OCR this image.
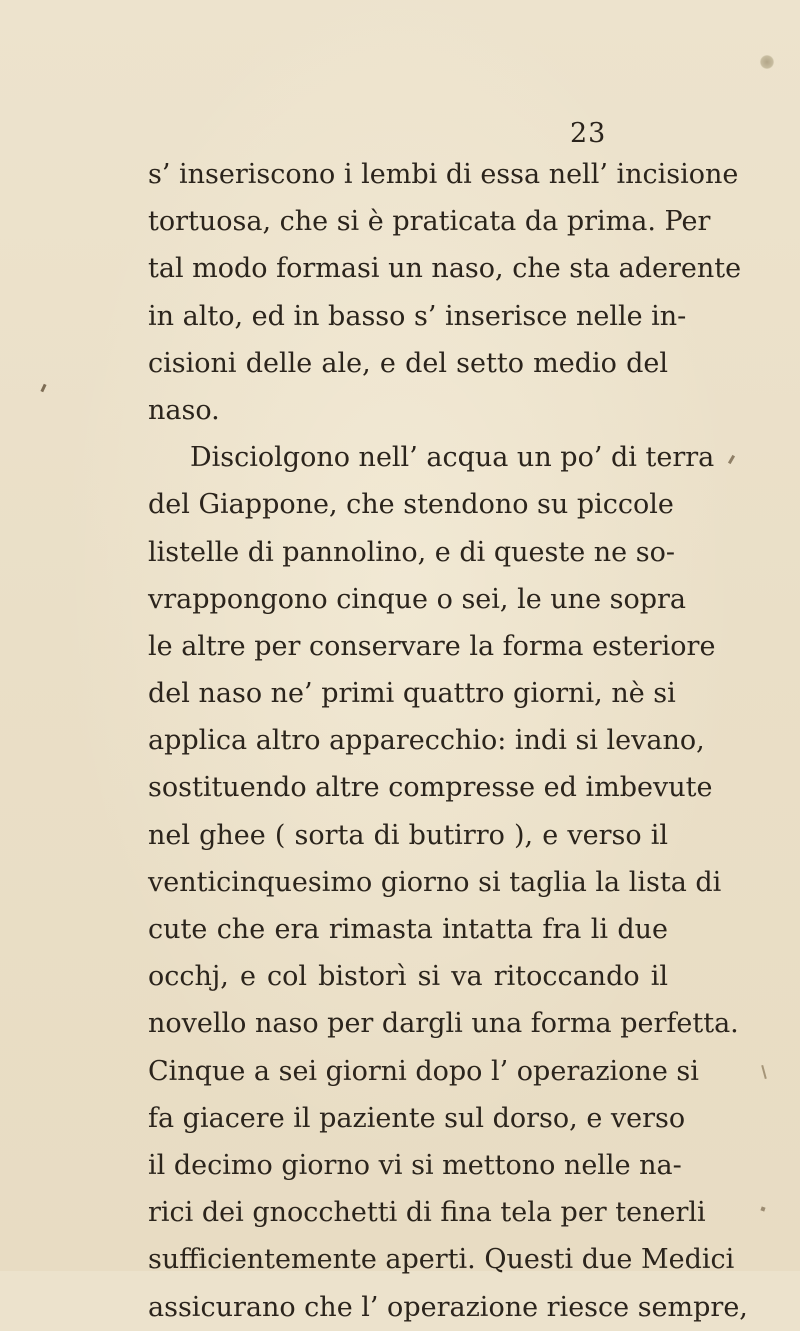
23
s’ inseriscono i lembi di essa nell’ incisione
tortuosa, che si è praticata da prima. Per
tal modo formasi un naso, che sta aderente
in alto, ed in basso s’ inserisce nelle in-
cisioni delle ale, e del setto medio del
naso.
Disciolgono nell’ acqua un po’ di terra
del Giappone, che stendono su piccole
listelle di pannolino, e di queste ne so-
vrappongono cinque o sei, le une sopra
le altre per conservare la forma esteriore
del naso ne’ primi quattro giorni, nè si
applica altro apparecchio: indi si levano,
sostituendo altre compresse ed imbevute
nel ghee ( sorta di butirro ), e verso il
venticinquesimo giorno si taglia la lista di
cute che era rimasta intatta fra li due
occhj, e col bistorì si va ritoccando il
novello naso per dargli una forma perfetta.
Cinque a sei giorni dopo l’ operazione si
fa giacere il paziente sul dorso, e verso
il decimo giorno vi si mettono nelle na-
rici dei gnocchetti di fina tela per tenerli
sufficientemente aperti. Questi due Medici
assicurano che l’ operazione riesce sempre,
